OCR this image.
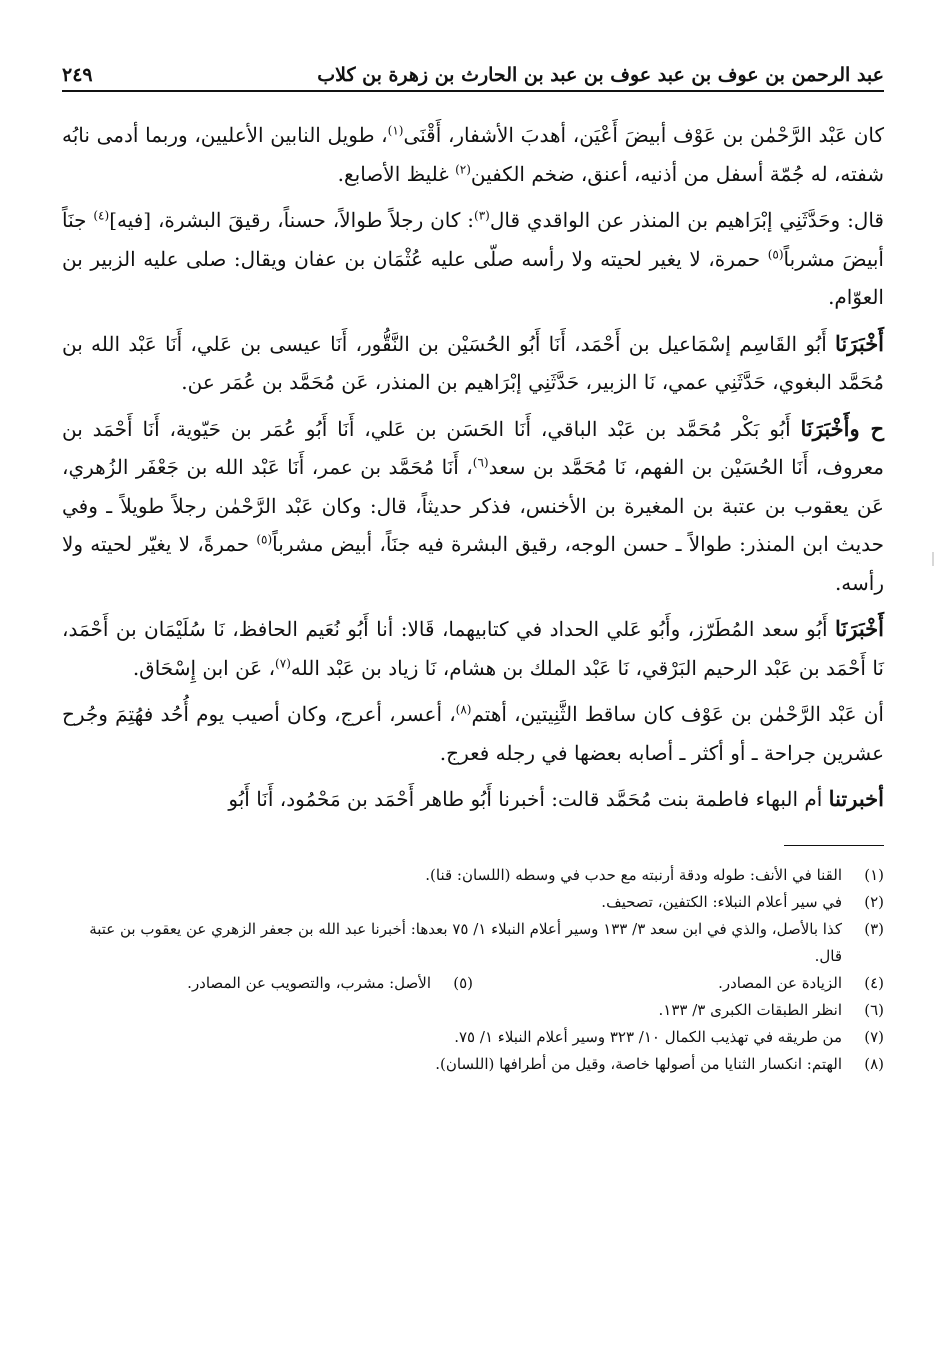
عبد الرحمن بن عوف بن عبد عوف بن عبد بن الحارث بن زهرة بن كلاب
٢٤٩

كان عَبْد الرَّحْمٰن بن عَوْف أبيضَ أَعْيَن، أهدبَ الأشفار، أَقْنَى$^{(١)}$، طويل النابين الأعليين، وربما أدمى نابُه شفته، له جُمّة أسفل من أذنيه، أعنق، ضخم الكفين$^{(٢)}$ غليظ الأصابع.

قال: وحَدَّثَنِي إبْرَاهيم بن المنذر عن الواقدي قال$^{(٣)}$: كان رجلاً طوالاً، حسناً، رقيقَ البشرة، [فيه]$^{(٤)}$ جنَاً أبيضَ مشرباً$^{(٥)}$ حمرة، لا يغير لحيته ولا رأسه صلّى عليه عُثْمَان بن عفان ويقال: صلى عليه الزبير بن العوّام.

أَخْبَرَنَا أَبُو القَاسِم إسْمَاعيل بن أَحْمَد، أَنَا أَبُو الحُسَيْن بن النَّقُّور، أَنَا عيسى بن عَلي، أَنَا عَبْد الله بن مُحَمَّد البغوي، حَدَّثَنِي عمي، نَا الزبير، حَدَّثَنِي إبْرَاهيم بن المنذر، عَن مُحَمَّد بن عُمَر عن.

ح وأَخْبَرَنَا أَبُو بَكْر مُحَمَّد بن عَبْد الباقي، أَنَا الحَسَن بن عَلي، أَنَا أَبُو عُمَر بن حَيّوية، أَنَا أَحْمَد بن معروف، أَنَا الحُسَيْن بن الفهم، نَا مُحَمَّد بن سعد$^{(٦)}$، أَنَا مُحَمَّد بن عمر، أَنَا عَبْد الله بن جَعْفَر الزُهري، عَن يعقوب بن عتبة بن المغيرة بن الأخنس، فذكر حديثاً، قال: وكان عَبْد الرَّحْمٰن رجلاً طويلاً ـ وفي حديث ابن المنذر: طوالاً ـ حسن الوجه، رقيق البشرة فيه جنَاً، أبيض مشرباً$^{(٥)}$ حمرةً، لا يغيّر لحيته ولا رأسه.

أَخْبَرَنَا أَبُو سعد المُطَرّز، وأَبُو عَلي الحداد في كتابيهما، قَالا: أنا أَبُو نُعَيم الحافظ، نَا سُلَيْمَان بن أَحْمَد، نَا أَحْمَد بن عَبْد الرحيم البَرْقي، نَا عَبْد الملك بن هشام، نَا زياد بن عَبْد الله$^{(٧)}$، عَن ابن إِسْحَاق.

أن عَبْد الرَّحْمٰن بن عَوْف كان ساقط الثَّنِيتين، أهتم$^{(٨)}$، أعسر، أعرج، وكان أصيب يوم أُحُد فهُتِمَ وجُرح عشرين جراحة ـ أو أكثر ـ أصابه بعضها في رجله فعرج.

أخبرتنا أم البهاء فاطمة بنت مُحَمَّد قالت: أخبرنا أَبُو طاهر أَحْمَد بن مَحْمُود، أَنَا أَبُو

(١)
القنا في الأنف: طوله ودقة أرنبته مع حدب في وسطه (اللسان: قنا).
(٢)
في سير أعلام النبلاء: الكتفين، تصحيف.
(٣)
كذا بالأصل، والذي في ابن سعد ٣/ ١٣٣ وسير أعلام النبلاء ١/ ٧٥ بعدها: أخبرنا عبد الله بن جعفر الزهري عن يعقوب بن عتبة قال.
(٤)
الزيادة عن المصادر.
(٥)
الأصل: مشرب، والتصويب عن المصادر.
(٦)
انظر الطبقات الكبرى ٣/ ١٣٣.
(٧)
من طريقه في تهذيب الكمال ١٠/ ٣٢٣ وسير أعلام النبلاء ١/ ٧٥.
(٨)
الهتم: انكسار الثنايا من أصولها خاصة، وقيل من أطرافها (اللسان).
